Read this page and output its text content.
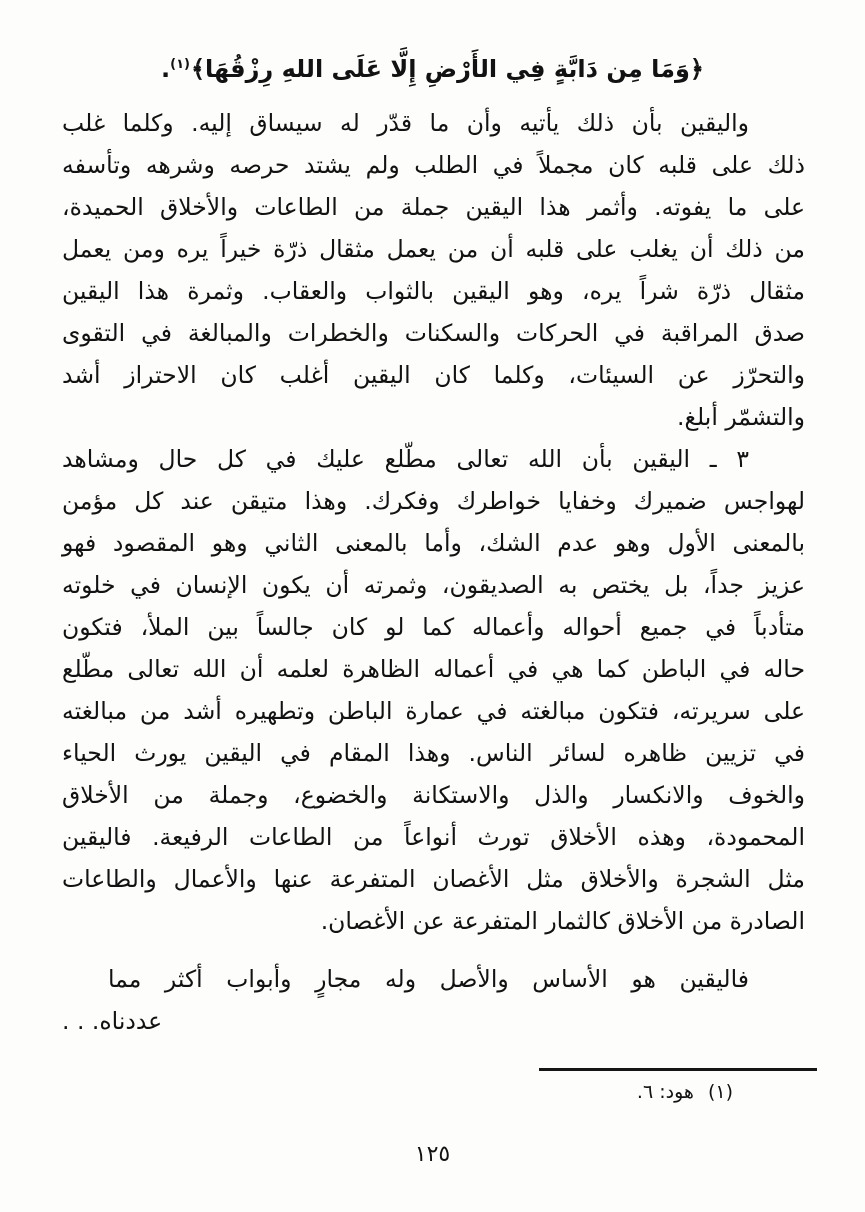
﴿وَمَا مِن دَابَّةٍ فِي الأَرْضِ إِلَّا عَلَى اللهِ رِزْقُهَا﴾$^{(١)}$.
واليقين بأن ذلك يأتيه وأن ما قدّر له سيساق إليه. وكلما غلب
ذلك على قلبه كان مجملاً في الطلب ولم يشتد حرصه وشرهه وتأسفه
على ما يفوته. وأثمر هذا اليقين جملة من الطاعات والأخلاق الحميدة،
من ذلك أن يغلب على قلبه أن من يعمل مثقال ذرّة خيراً يره ومن يعمل
مثقال ذرّة شراً يره، وهو اليقين بالثواب والعقاب. وثمرة هذا اليقين
صدق المراقبة في الحركات والسكنات والخطرات والمبالغة في التقوى
والتحرّز عن السيئات، وكلما كان اليقين أغلب كان الاحتراز أشد
والتشمّر أبلغ.
٣ ـ اليقين بأن الله تعالى مطّلع عليك في كل حال ومشاهد
لهواجس ضميرك وخفايا خواطرك وفكرك. وهذا متيقن عند كل مؤمن
بالمعنى الأول وهو عدم الشك، وأما بالمعنى الثاني وهو المقصود فهو
عزيز جداً، بل يختص به الصديقون، وثمرته أن يكون الإنسان في خلوته
متأدباً في جميع أحواله وأعماله كما لو كان جالساً بين الملأ، فتكون
حاله في الباطن كما هي في أعماله الظاهرة لعلمه أن الله تعالى مطّلع
على سريرته، فتكون مبالغته في عمارة الباطن وتطهيره أشد من مبالغته
في تزيين ظاهره لسائر الناس. وهذا المقام في اليقين يورث الحياء
والخوف والانكسار والذل والاستكانة والخضوع، وجملة من الأخلاق
المحمودة، وهذه الأخلاق تورث أنواعاً من الطاعات الرفيعة. فاليقين
مثل الشجرة والأخلاق مثل الأغصان المتفرعة عنها والأعمال والطاعات
الصادرة من الأخلاق كالثمار المتفرعة عن الأغصان.
فاليقين هو الأساس والأصل وله مجارٍ وأبواب أكثر مما
عددناه. . .
(١)هود: ٦.
١٢٥
